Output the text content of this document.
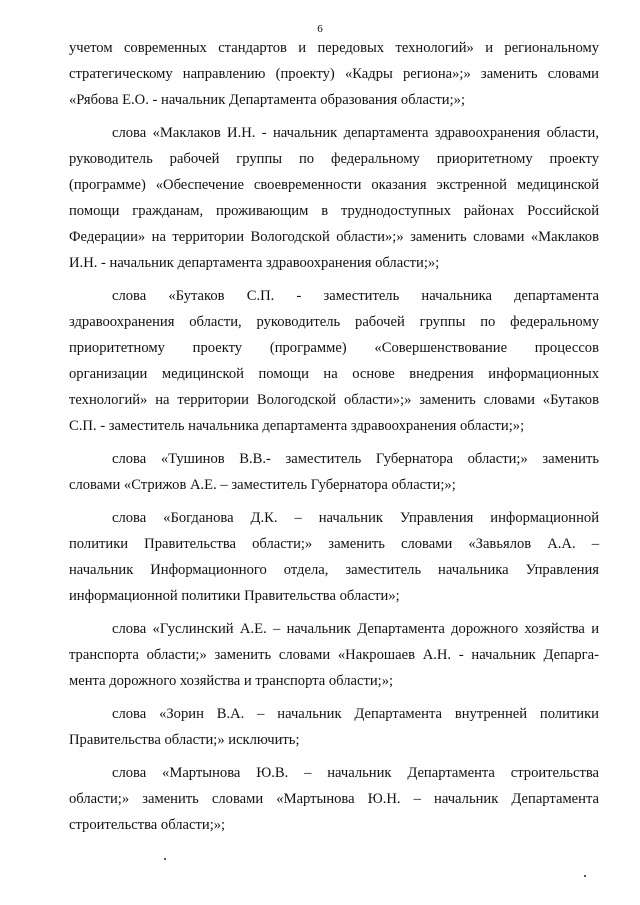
6
учетом современных стандартов и передовых технологий» и региональному
стратегическому направлению (проекту) «Кадры региона»;» заменить словами
«Рябова Е.О. - начальник Департамента образования области;»;
слова «Маклаков И.Н. - начальник департамента здравоохранения области,
руководитель рабочей группы по федеральному приоритетному проекту
(программе) «Обеспечение своевременности оказания экстренной медицинской
помощи гражданам, проживающим в труднодоступных районах Российской
Федерации» на территории Вологодской области»;» заменить словами «Маклаков
И.Н. - начальник департамента здравоохранения области;»;
слова «Бутаков С.П. - заместитель начальника департамента
здравоохранения области, руководитель рабочей группы по федеральному
приоритетному проекту (программе) «Совершенствование процессов
организации медицинской помощи на основе внедрения информационных
технологий» на территории Вологодской области»;» заменить словами «Бутаков
С.П. - заместитель начальника департамента здравоохранения области;»;
слова «Тушинов В.В.- заместитель Губернатора области;» заменить
словами «Стрижов А.Е. – заместитель Губернатора области;»;
слова «Богданова Д.К. – начальник Управления информационной
политики Правительства области;» заменить словами «Завьялов А.А. –
начальник Информационного отдела, заместитель начальника Управления
информационной политики Правительства области»;
слова «Гуслинский А.Е. – начальник Департамента дорожного хозяйства и
транспорта области;» заменить словами «Накрошаев А.Н. - начальник Депарга-
мента дорожного хозяйства и транспорта области;»;
слова «Зорин В.А. – начальник Департамента внутренней политики
Правительства области;» исключить;
слова «Мартынова Ю.В. – начальник Департамента строительства
области;» заменить словами «Мартынова Ю.Н. – начальник Департамента
строительства области;»;
